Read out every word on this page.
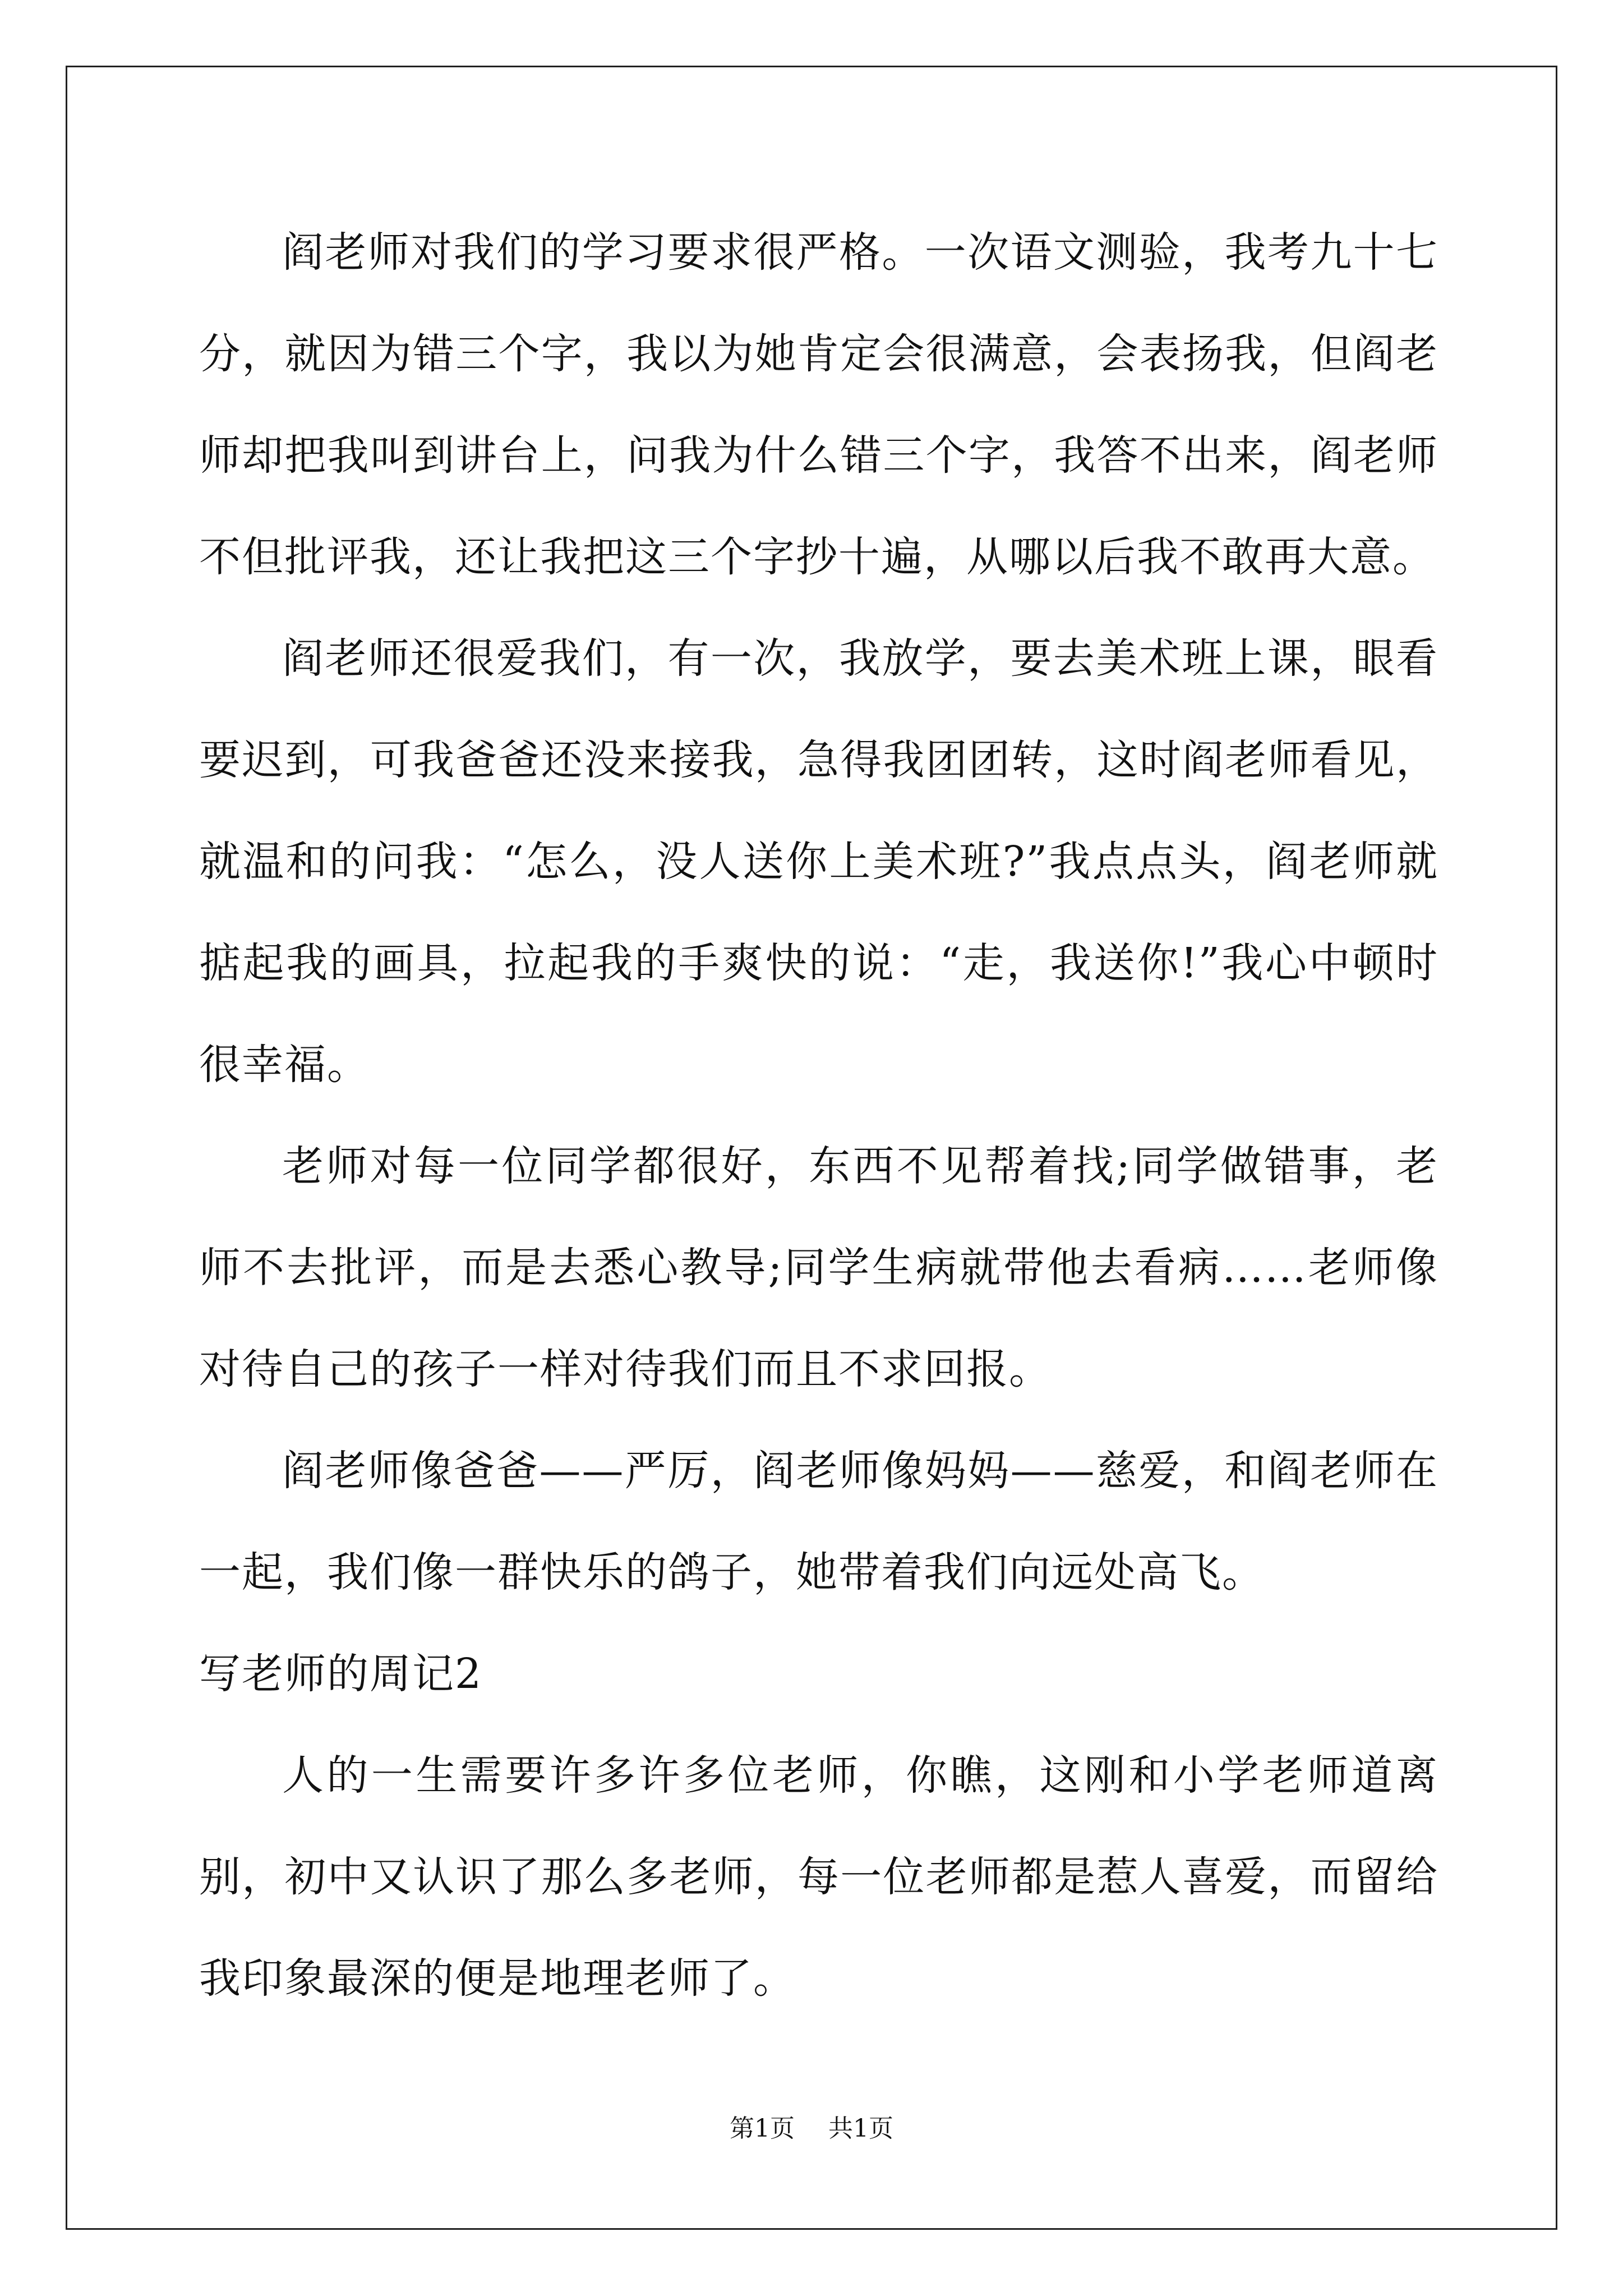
阎老师对我们的学习要求很严格。一次语文测验，我考九十七分，就因为错三个字，我以为她肯定会很满意，会表扬我，但阎老师却把我叫到讲台上，问我为什么错三个字，我答不出来，阎老师不但批评我，还让我把这三个字抄十遍，从哪以后我不敢再大意。

阎老师还很爱我们，有一次，我放学，要去美术班上课，眼看要迟到，可我爸爸还没来接我，急得我团团转，这时阎老师看见，就温和的问我：“怎么，没人送你上美术班?”我点点头，阎老师就掂起我的画具，拉起我的手爽快的说：“走，我送你!”我心中顿时很幸福。

老师对每一位同学都很好，东西不见帮着找;同学做错事，老师不去批评，而是去悉心教导;同学生病就带他去看病……老师像对待自己的孩子一样对待我们而且不求回报。

阎老师像爸爸——严厉，阎老师像妈妈——慈爱，和阎老师在一起，我们像一群快乐的鸽子，她带着我们向远处高飞。

写老师的周记2

人的一生需要许多许多位老师，你瞧，这刚和小学老师道离别，初中又认识了那么多老师，每一位老师都是惹人喜爱，而留给我印象最深的便是地理老师了。

第1页 共1页
